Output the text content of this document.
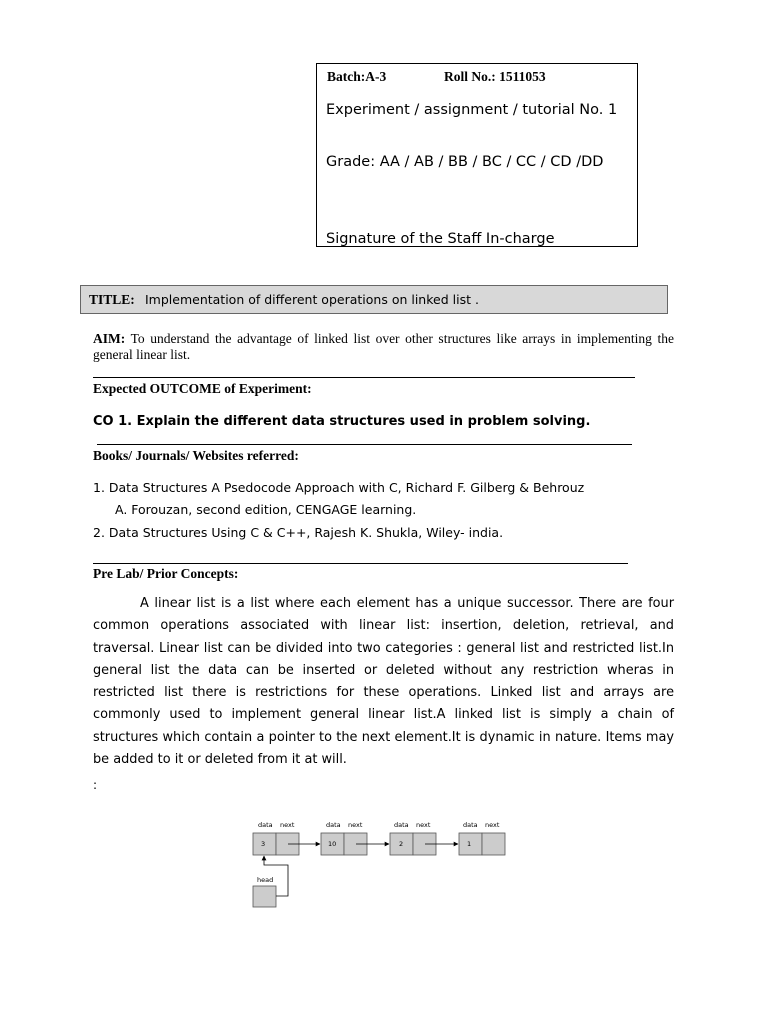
Batch:A-3	Roll No.: 1511053
Experiment / assignment / tutorial No. 1
Grade: AA / AB / BB / BC / CC / CD /DD
Signature of the Staff In-charge
TITLE: Implementation of different operations on linked list .
AIM: To understand the advantage of linked list over other structures like arrays in implementing the general linear list.
Expected OUTCOME of Experiment:
CO 1. Explain the different data structures used in problem solving.
Books/ Journals/ Websites referred:
1. Data Structures A Psedocode Approach with C, Richard F. Gilberg & Behrouz
A. Forouzan, second edition, CENGAGE learning.
2. Data Structures Using C & C++, Rajesh K. Shukla, Wiley- india.
Pre Lab/ Prior Concepts:
A linear list is a list where each element has a unique successor. There are four common operations associated with linear list: insertion, deletion, retrieval, and traversal. Linear list can be divided into two categories : general list and restricted list.In general list the data can be inserted or deleted without any restriction wheras in restricted list there is restrictions for these operations. Linked list and arrays are commonly used to implement general linear list.A linked list is simply a chain of structures which contain a pointer to the next element.It is dynamic in nature. Items may be added to it or deleted from it at will.
:
data next	data next	data next	data next
3	10	2	1
head
